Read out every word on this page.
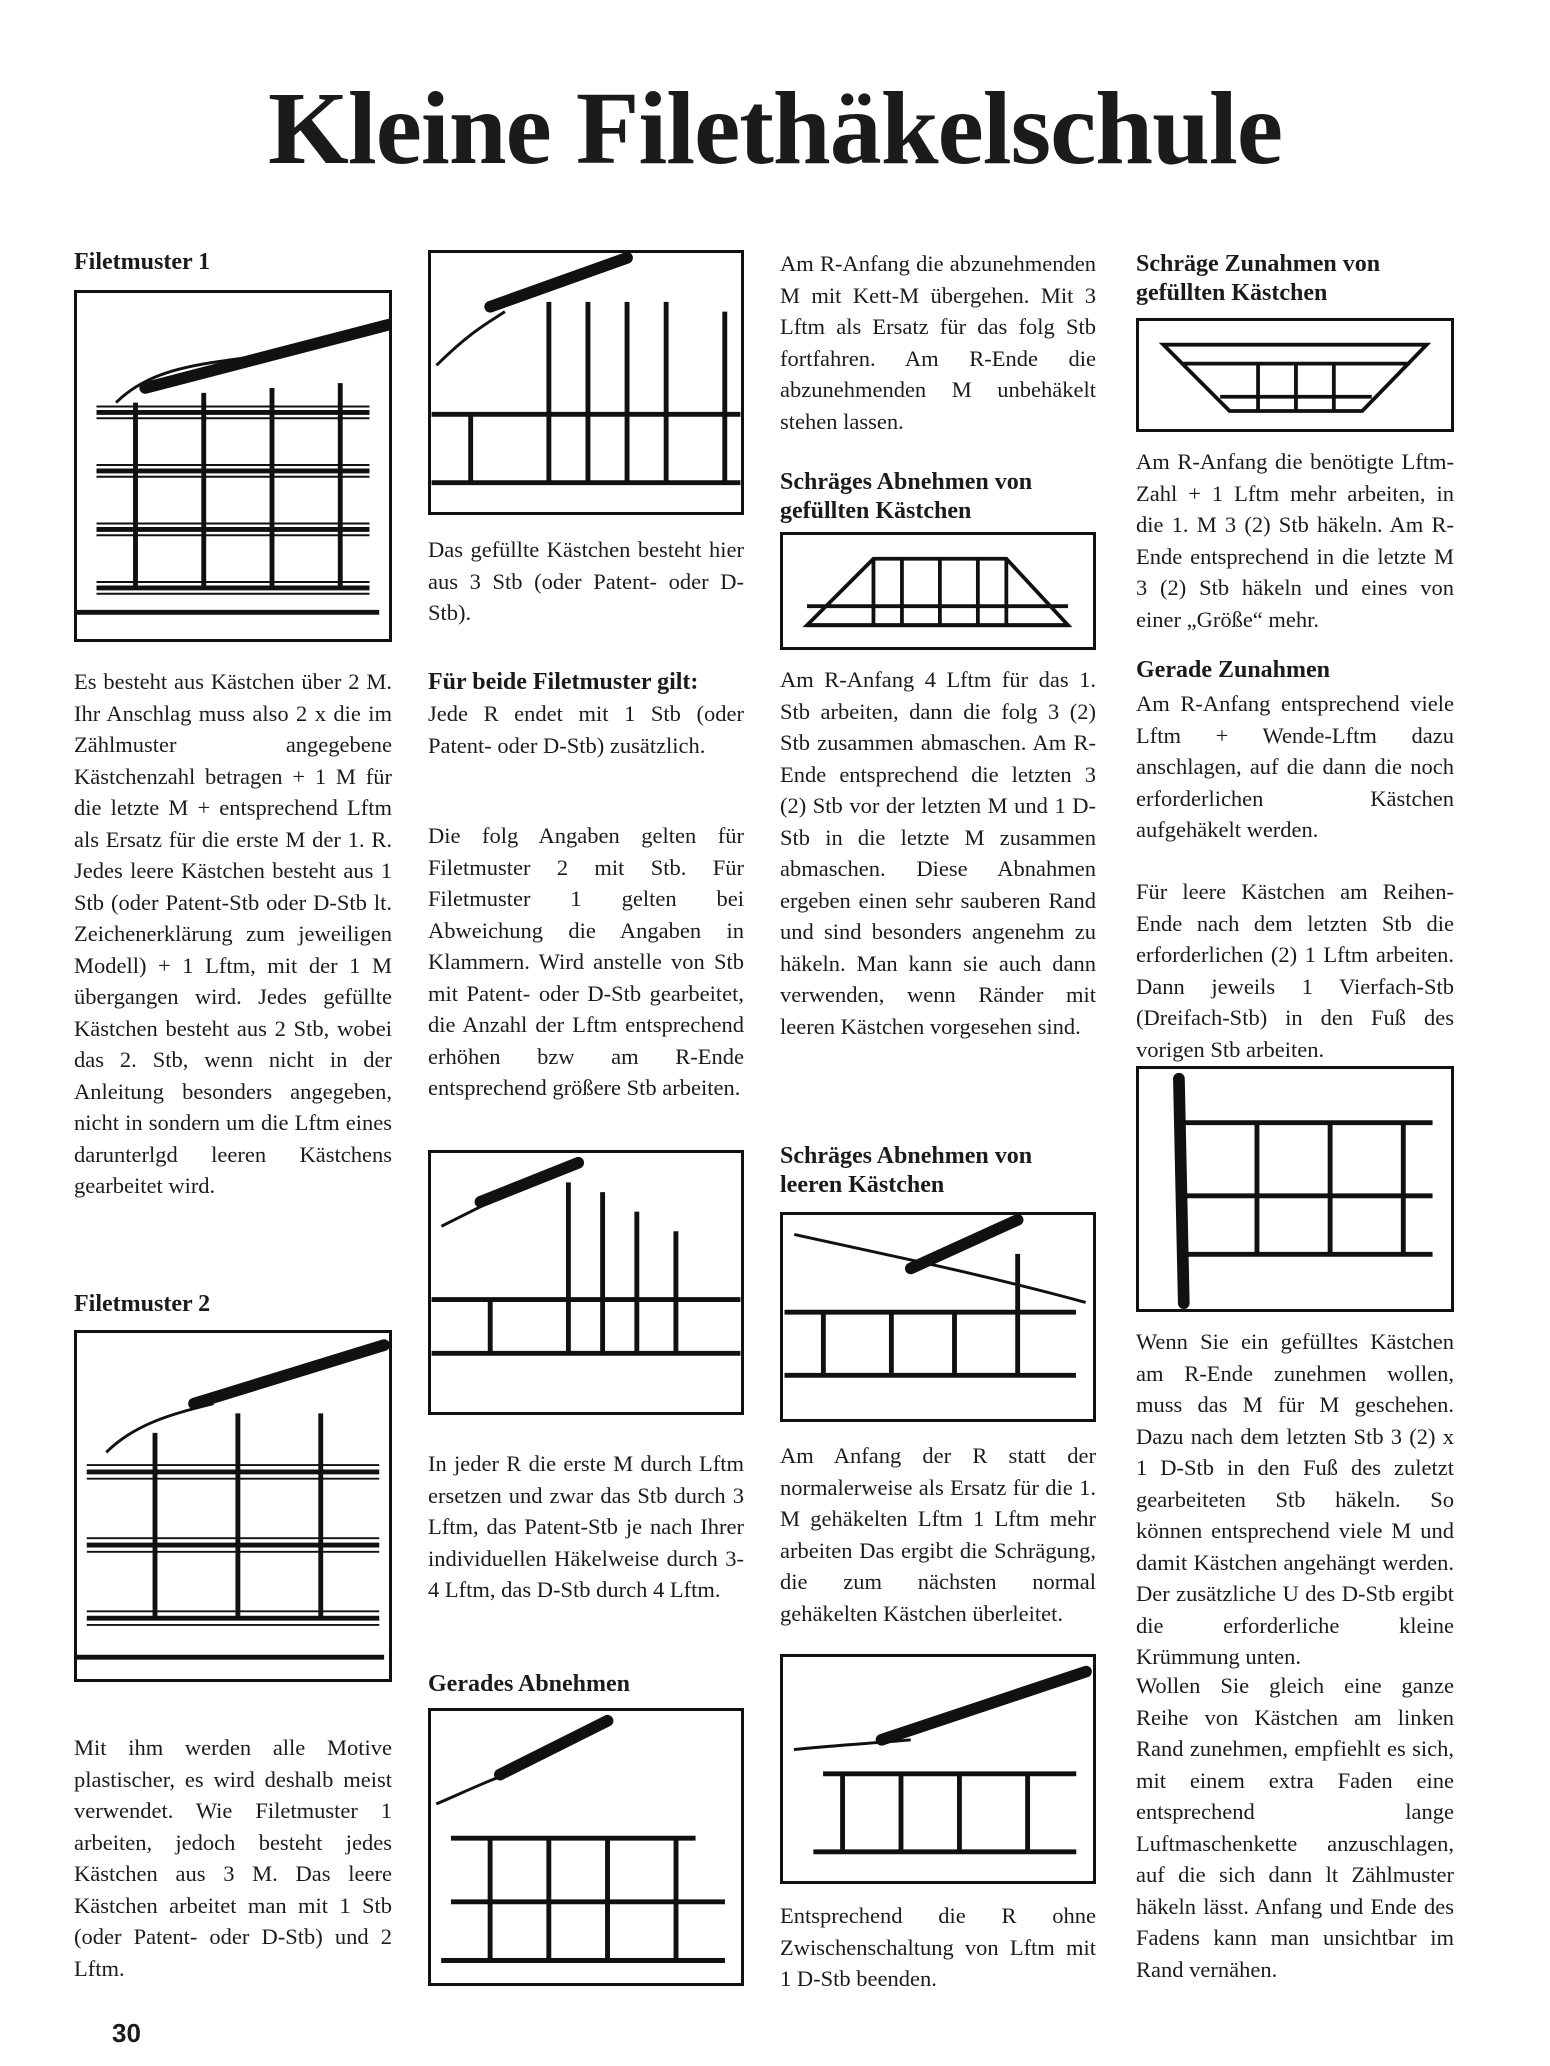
Kleine Filethäkelschule
Filetmuster 1

Es besteht aus Kästchen über 2 M. Ihr Anschlag muss also 2 x die im Zählmuster angegebene Kästchenzahl betragen + 1 M für die letzte M + entsprechend Lftm als Ersatz für die erste M der 1. R. Jedes leere Kästchen besteht aus 1 Stb (oder Patent-Stb oder D-Stb lt. Zeichenerklärung zum jeweiligen Modell) + 1 Lftm, mit der 1 M übergangen wird. Jedes gefüllte Kästchen besteht aus 2 Stb, wobei das 2. Stb, wenn nicht in der Anleitung besonders angegeben, nicht in sondern um die Lftm eines darunterlgd leeren Kästchens gearbeitet wird.

Filetmuster 2

Mit ihm werden alle Motive plastischer, es wird deshalb meist verwendet. Wie Filetmuster 1 arbeiten, jedoch besteht jedes Kästchen aus 3 M. Das leere Kästchen arbeitet man mit 1 Stb (oder Patent- oder D-Stb) und 2 Lftm.

Das gefüllte Kästchen besteht hier aus 3 Stb (oder Patent- oder D-Stb).

Für beide Filetmuster gilt:

Jede R endet mit 1 Stb (oder Patent- oder D-Stb) zusätzlich.

Die folg Angaben gelten für Filetmuster 2 mit Stb. Für Filetmuster 1 gelten bei Abweichung die Angaben in Klammern. Wird anstelle von Stb mit Patent- oder D-Stb gearbeitet, die Anzahl der Lftm entsprechend erhöhen bzw am R-Ende entsprechend größere Stb arbeiten.

In jeder R die erste M durch Lftm ersetzen und zwar das Stb durch 3 Lftm, das Patent-Stb je nach Ihrer individuellen Häkelweise durch 3-4 Lftm, das D-Stb durch 4 Lftm.

Gerades Abnehmen

Am R-Anfang die abzunehmenden M mit Kett-M übergehen. Mit 3 Lftm als Ersatz für das folg Stb fortfahren. Am R-Ende die abzunehmenden M unbehäkelt stehen lassen.

Schräges Abnehmen von gefüllten Kästchen

Am R-Anfang 4 Lftm für das 1. Stb arbeiten, dann die folg 3 (2) Stb zusammen abmaschen. Am R-Ende entsprechend die letzten 3 (2) Stb vor der letzten M und 1 D-Stb in die letzte M zusammen abmaschen. Diese Abnahmen ergeben einen sehr sauberen Rand und sind besonders angenehm zu häkeln. Man kann sie auch dann verwenden, wenn Ränder mit leeren Kästchen vorgesehen sind.

Schräges Abnehmen von leeren Kästchen

Am Anfang der R statt der normalerweise als Ersatz für die 1. M gehäkelten Lftm 1 Lftm mehr arbeiten Das ergibt die Schrägung, die zum nächsten normal gehäkelten Kästchen überleitet.

Entsprechend die R ohne Zwischenschaltung von Lftm mit 1 D-Stb beenden.

Schräge Zunahmen von gefüllten Kästchen

Am R-Anfang die benötigte Lftm-Zahl + 1 Lftm mehr arbeiten, in die 1. M 3 (2) Stb häkeln. Am R-Ende entsprechend in die letzte M 3 (2) Stb häkeln und eines von einer „Größe“ mehr.

Gerade Zunahmen

Am R-Anfang entsprechend viele Lftm + Wende-Lftm dazu anschlagen, auf die dann die noch erforderlichen Kästchen aufgehäkelt werden.

Für leere Kästchen am Reihen-Ende nach dem letzten Stb die erforderlichen (2) 1 Lftm arbeiten. Dann jeweils 1 Vierfach-Stb (Dreifach-Stb) in den Fuß des vorigen Stb arbeiten.

Wenn Sie ein gefülltes Kästchen am R-Ende zunehmen wollen, muss das M für M geschehen. Dazu nach dem letzten Stb 3 (2) x 1 D-Stb in den Fuß des zuletzt gearbeiteten Stb häkeln. So können entsprechend viele M und damit Kästchen angehängt werden. Der zusätzliche U des D-Stb ergibt die erforderliche kleine Krümmung unten.

Wollen Sie gleich eine ganze Reihe von Kästchen am linken Rand zunehmen, empfiehlt es sich, mit einem extra Faden eine entsprechend lange Luftmaschenkette anzuschlagen, auf die sich dann lt Zählmuster häkeln lässt. Anfang und Ende des Fadens kann man unsichtbar im Rand vernähen.

30
